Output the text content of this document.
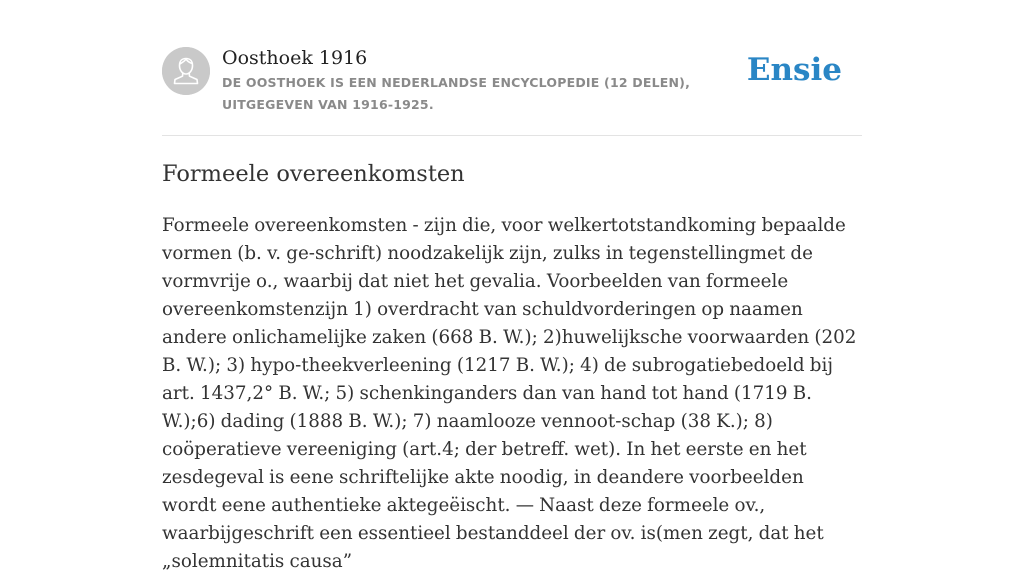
Oosthoek 1916
DE OOSTHOEK IS EEN NEDERLANDSE ENCYCLOPEDIE (12 DELEN), UITGEGEVEN VAN 1916-1925.
Ensie
Formeele overeenkomsten

Formeele overeenkomsten - zijn die, voor welkertotstandkoming bepaalde vormen (b. v. ge-schrift) noodzakelijk zijn, zulks in tegenstellingmet de vormvrije o., waarbij dat niet het gevalia. Voorbeelden van formeele overeenkomstenzijn 1) overdracht van schuldvorderingen op naamen andere onlichamelijke zaken (668 B. W.); 2)huwelijksche voorwaarden (202 B. W.); 3) hypo-theekverleening (1217 B. W.); 4) de subrogatiebedoeld bij art. 1437,2° B. W.; 5) schenkinganders dan van hand tot hand (1719 B. W.);6) dading (1888 B. W.); 7) naamlooze vennoot-schap (38 K.); 8) coöperatieve vereeniging (art.4; der betreff. wet). In het eerste en het zesdegeval is eene schriftelijke akte noodig, in deandere voorbeelden wordt eene authentieke aktegeëischt. — Naast deze formeele ov., waarbijgeschrift een essentieel bestanddeel der ov. is(men zegt, dat het „solemnitatis causa”
